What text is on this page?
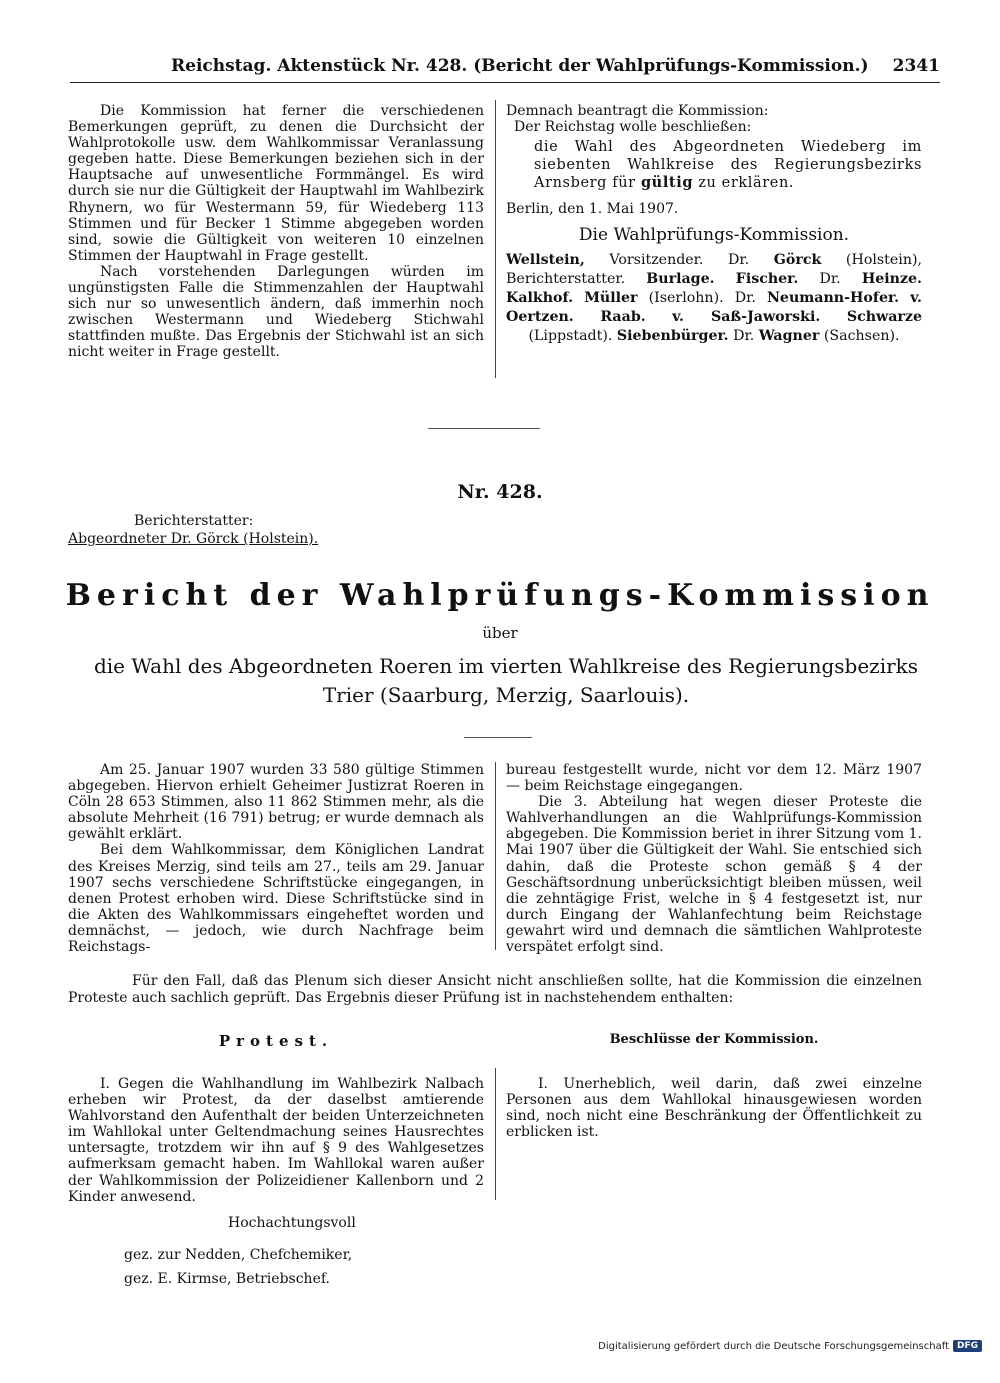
Reichstag. Aktenstück Nr. 428. (Bericht der Wahlprüfungs-Kommission.) 2341

Die Kommission hat ferner die verschiedenen Bemerkungen geprüft, zu denen die Durchsicht der Wahlprotokolle usw. dem Wahlkommissar Veranlassung gegeben hatte. Diese Bemerkungen beziehen sich in der Hauptsache auf unwesentliche Formmängel. Es wird durch sie nur die Gültigkeit der Hauptwahl im Wahlbezirk Rhynern, wo für Westermann 59, für Wiedeberg 113 Stimmen und für Becker 1 Stimme abgegeben worden sind, sowie die Gültigkeit von weiteren 10 einzelnen Stimmen der Hauptwahl in Frage gestellt.

Nach vorstehenden Darlegungen würden im ungünstigsten Falle die Stimmenzahlen der Hauptwahl sich nur so unwesentlich ändern, daß immerhin noch zwischen Westermann und Wiedeberg Stichwahl stattfinden mußte. Das Ergebnis der Stichwahl ist an sich nicht weiter in Frage gestellt.

Demnach beantragt die Kommission:
Der Reichstag wolle beschließen:
die Wahl des Abgeordneten Wiedeberg im siebenten Wahlkreise des Regierungsbezirks Arnsberg für gültig zu erklären.
Berlin, den 1. Mai 1907.
Die Wahlprüfungs-Kommission.
Wellstein, Vorsitzender. Dr. Görck (Holstein), Berichterstatter. Burlage. Fischer. Dr. Heinze. Kalkhof. Müller (Iserlohn). Dr. Neumann-Hofer. v. Oertzen. Raab. v. Saß-Jaworski. Schwarze (Lippstadt). Siebenbürger. Dr. Wagner (Sachsen).
Nr. 428.
Berichterstatter:
Abgeordneter Dr. Görck (Holstein).
Bericht der Wahlprüfungs-Kommission
über
die Wahl des Abgeordneten Roeren im vierten Wahlkreise des Regierungsbezirks Trier (Saarburg, Merzig, Saarlouis).

Am 25. Januar 1907 wurden 33 580 gültige Stimmen abgegeben. Hiervon erhielt Geheimer Justizrat Roeren in Cöln 28 653 Stimmen, also 11 862 Stimmen mehr, als die absolute Mehrheit (16 791) betrug; er wurde demnach als gewählt erklärt.

Bei dem Wahlkommissar, dem Königlichen Landrat des Kreises Merzig, sind teils am 27., teils am 29. Januar 1907 sechs verschiedene Schriftstücke eingegangen, in denen Protest erhoben wird. Diese Schriftstücke sind in die Akten des Wahlkommissars eingeheftet worden und demnächst, — jedoch, wie durch Nachfrage beim Reichstags-

bureau festgestellt wurde, nicht vor dem 12. März 1907 — beim Reichstage eingegangen.

Die 3. Abteilung hat wegen dieser Proteste die Wahlverhandlungen an die Wahlprüfungs-Kommission abgegeben. Die Kommission beriet in ihrer Sitzung vom 1. Mai 1907 über die Gültigkeit der Wahl. Sie entschied sich dahin, daß die Proteste schon gemäß § 4 der Geschäftsordnung unberücksichtigt bleiben müssen, weil die zehntägige Frist, welche in § 4 festgesetzt ist, nur durch Eingang der Wahlanfechtung beim Reichstage gewahrt wird und demnach die sämtlichen Wahlproteste verspätet erfolgt sind.

Für den Fall, daß das Plenum sich dieser Ansicht nicht anschließen sollte, hat die Kommission die einzelnen Proteste auch sachlich geprüft. Das Ergebnis dieser Prüfung ist in nachstehendem enthalten:

Protest.	Beschlüsse der Kommission.

I. Gegen die Wahlhandlung im Wahlbezirk Nalbach erheben wir Protest, da der daselbst amtierende Wahlvorstand den Aufenthalt der beiden Unterzeichneten im Wahllokal unter Geltendmachung seines Hausrechtes untersagte, trotzdem wir ihn auf § 9 des Wahlgesetzes aufmerksam gemacht haben. Im Wahllokal waren außer der Wahlkommission der Polizeidiener Kallenborn und 2 Kinder anwesend.

Hochachtungsvoll
gez. zur Nedden, Chefchemiker,
gez. E. Kirmse, Betriebschef.

I. Unerheblich, weil darin, daß zwei einzelne Personen aus dem Wahllokal hinausgewiesen worden sind, noch nicht eine Beschränkung der Öffentlichkeit zu erblicken ist.

Digitalisierung gefördert durch die Deutsche Forschungsgemeinschaft DFG
